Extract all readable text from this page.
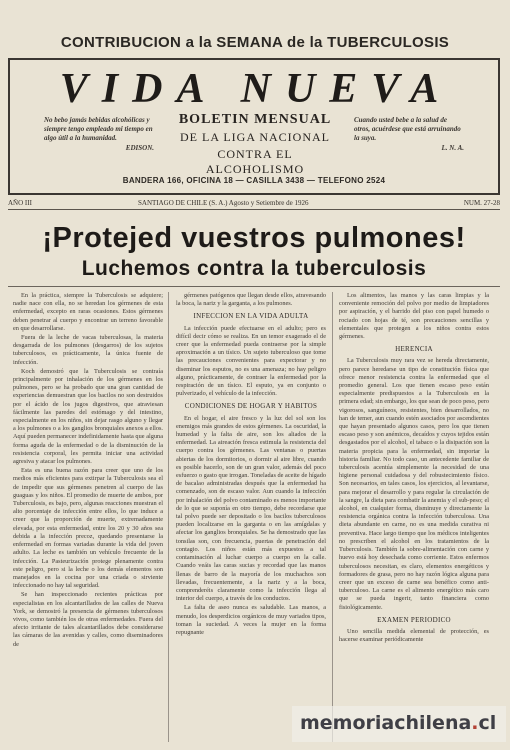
CONTRIBUCION a la SEMANA de la TUBERCULOSIS
VIDA NUEVA
No bebo jamás bebidas alcohólicas y siempre tengo empleado mi tiempo en algo útil a la humanidad.
EDISON.
BOLETIN MENSUAL
DE LA LIGA NACIONAL
CONTRA EL ALCOHOLISMO
Cuando usted bebe a la salud de otros, acuérdese que está arruinando la suya.
L. N. A.
BANDERA 166, OFICINA 18 — CASILLA 3438 — TELEFONO 2524
AÑO III	SANTIAGO DE CHILE (S. A.) Agosto y Setiembre de 1926	NUM. 27-28
¡Protejed vuestros pulmones!
Luchemos contra la tuberculosis

En la práctica, siempre la Tuberculosis se adquiere; nadie nace con ella, no se heredan los gérmenes de esta enfermedad, excepto en raras ocasiones. Estos gérmenes deben penetrar al cuerpo y encontrar un terreno favorable en que desarrollarse.

Fuera de la leche de vacas tuberculosas, la materia desgarrada de los pulmones (desgarros) de los sujetos tuberculosos, es prácticamente, la única fuente de infección.

Koch demostró que la Tuberculosis se contraía principalmente por inhalación de los gérmenes en los pulmones, pero se ha probado que una gran cantidad de experiencias demuestran que los bacilos no son destruidos por el ácido de los jugos digestivos, que atraviesan fácilmente las paredes del estómago y del intestino, especialmente en los niños, sin dejar rasgo alguno y llegar a los pulmones o a los ganglios bronquiales anexos a ellos. Aquí pueden permanecer indefinidamente hasta que alguna forma aguda de la enfermedad o de la disminución de la resistencia corporal, les permita iniciar una actividad agresiva y atacar los pulmones.

Esta es una buena razón para creer que uno de los medios más eficientes para extirpar la Tuberculosis sea el de impedir que sus gérmenes penetren al cuerpo de las guaguas y los niños. El promedio de muerte de ambos, por Tuberculosis, es bajo, pero, algunas reacciones muestran el alto porcentaje de infección entre ellos, lo que induce a creer que la proporción de muerte, extremadamente elevada, por esta enfermedad, entre los 20 y 30 años sea debida a la infección precoz, quedando presentarse la enfermedad en formas variadas durante la vida del joven adulto. La leche es también un vehículo frecuente de la infección. La Pasteurización protege plenamente contra este peligro, pero si la leche o los demás elementos son manejados en la cocina por una criada o sirviente infeccionado no hay tal seguridad.

Se han inspeccionado recientes prácticas por especialistas en los alcantarillados de las calles de Nueva York, se demostró la presencia de gérmenes tuberculosos vivos, como también los de otras enfermedades. Fuera del afecto irritante de tales alcantarillados debe considerarse las cámaras de las avenidas y calles, como diseminadores de

gérmenes patógenos que llegan desde ellos, atravesando la boca, la nariz y la garganta, a los pulmones.

INFECCION EN LA VIDA ADULTA

La infección puede efectuarse en el adulto; pero es difícil decir cómo se realiza. En un temor exagerado el de creer que la enfermedad pueda contraerse por la simple aproximación a un tísico. Un sujeto tuberculoso que tome las precauciones convenientes para expectorar y no diseminar los esputos, no es una amenaza; no hay peligro alguno, prácticamente, de contraer la enfermedad por la respiración de un tísico. El esputo, ya en conjunto o pulverizado, el vehículo de la infección.

CONDICIONES DE HOGAR Y HABITOS

En el hogar, el aire fresco y la luz del sol son los enemigos más grandes de estos gérmenes. La oscuridad, la humedad y la falta de aire, son los aliados de la enfermedad. La aireación fresca estimula la resistencia del cuerpo contra los gérmenes. Las ventanas o puertas abiertas de los dormitorios, o dormir al aire libre, cuando es posible hacerlo, son de un gran valor, además del poco esfuerzo o gasto que irrogan. Toneladas de aceite de hígado de bacalao administradas después que la enfermedad ha comenzado, son de escaso valor. Aun cuando la infección por inhalación del polvo contaminado es menos importante de lo que se suponía en otro tiempo, debe recordarse que tal polvo puede ser depositado o los bacilos tuberculosos pueden localizarse en la garganta o en las amígdalas y afectar los ganglios bronquiales. Se ha demostrado que las tonsilas son, con frecuencia, puertas de penetración del contagio. Los niños están más expuestos a tal contaminación al luchar cuerpo a cuerpo en la calle. Cuando veáis las caras sucias y recordad que las manos llenas de barro de la mayoría de los muchachos son llevadas, frecuentemente, a la nariz y a la boca, comprenderéis claramente como la infección llega al interior del cuerpo, a través de los conductos.

La falta de aseo nunca es saludable. Las manos, a menudo, los desperdicios orgánicos de muy variados tipos, toman la suciedad. A veces la mujer en la forma repugnante

Los alimentos, las manos y las caras limpias y la conveniente remoción del polvo por medio de limpiadores por aspiración, y el barrido del piso con papel humedo o rociado con hojas de té, son precauciones sencillas y elementales que protegen a los niños contra estos gérmenes.

HERENCIA

La Tuberculosis muy rara vez se hereda directamente, pero parece heredarse un tipo de constitución física que ofrece menor resistencia contra la enfermedad que el promedio general. Los que tienen escaso peso están especialmente predispuestos a la Tuberculosis en la primera edad; sin embargo, los que sean de poco peso, pero vigorosos, sanguíneos, resistentes, bien desarrollados, no han de temer, aun cuando estén asociados por ascendientes que hayan presentado algunos casos, pero los que tienen escaso peso y son anémicos, decaídos y cuyos tejidos están desgastados por el alcohol, el tabaco o la disipación son la materia propicia para la enfermedad, sin importar la historia familiar. No todo caso, un antecedente familiar de tuberculosis acentúa simplemente la necesidad de una higiene personal cuidadosa y del robustecimiento físico. Son necesarios, en tales casos, los ejercicios, al levantarse, para mejorar el desarrollo y para regular la circulación de la sangre, la dieta para combatir la anemia y el sub-peso; el alcohol, en cualquier forma, disminuye y directamente la resistencia orgánica contra la infección tuberculosa. Una dieta abundante en carne, no es una medida curativa ni preventiva. Hace largo tiempo que los médicos inteligentes no prescriben el alcohol en los tratamientos de la Tuberculosis. También la sobre-alimentación con carne y huevo está hoy desechada como corriente. Estos enfermos tuberculosos necesitan, es claro, elementos energéticos y formadores de grasa, pero no hay razón lógica alguna para creer que un exceso de carne sea benéfico como anti-tuberculoso. La carne es el alimento energético más caro que se pueda ingerir, tanto financiera como fisiológicamente.

EXAMEN PERIODICO

Uno sencilla medida elemental de protección, es hacerse examinar periódicamente

memoriachilena.cl
